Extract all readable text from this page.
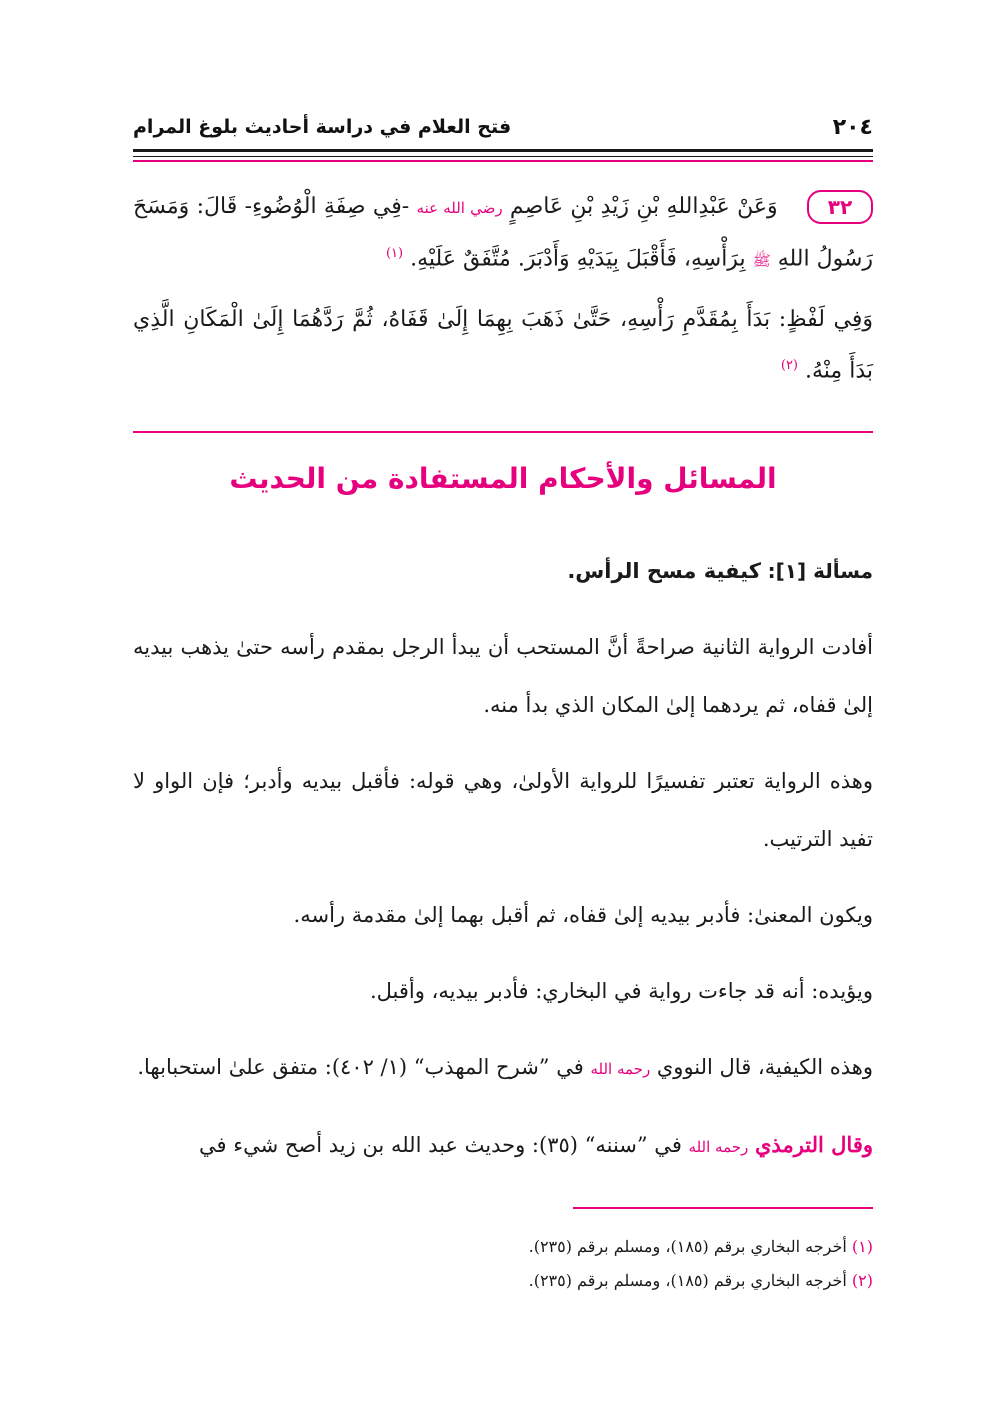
٢٠٤
فتح العلام في دراسة أحاديث بلوغ المرام

٣٢ وَعَنْ عَبْدِاللهِ بْنِ زَيْدِ بْنِ عَاصِمٍ رضي الله عنه -فِي صِفَةِ الْوُضُوءِ- قَالَ: وَمَسَحَ رَسُولُ اللهِ ﷺ بِرَأْسِهِ، فَأَقْبَلَ بِيَدَيْهِ وَأَدْبَرَ. مُتَّفَقٌ عَلَيْهِ. $^{(١)}$

وَفِي لَفْظٍ: بَدَأَ بِمُقَدَّمِ رَأْسِهِ، حَتَّىٰ ذَهَبَ بِهِمَا إِلَىٰ قَفَاهُ، ثُمَّ رَدَّهُمَا إِلَىٰ الْمَكَانِ الَّذِي بَدَأَ مِنْهُ. $^{(٢)}$

المسائل والأحكام المستفادة من الحديث

مسألة [١]: كيفية مسح الرأس.

أفادت الرواية الثانية صراحةً أنَّ المستحب أن يبدأ الرجل بمقدم رأسه حتىٰ يذهب بيديه إلىٰ قفاه، ثم يردهما إلىٰ المكان الذي بدأ منه.

وهذه الرواية تعتبر تفسيرًا للرواية الأولىٰ، وهي قوله: فأقبل بيديه وأدبر؛ فإن الواو لا تفيد الترتيب.

ويكون المعنىٰ: فأدبر بيديه إلىٰ قفاه، ثم أقبل بهما إلىٰ مقدمة رأسه.

ويؤيده: أنه قد جاءت رواية في البخاري: فأدبر بيديه، وأقبل.

وهذه الكيفية، قال النووي رحمه الله في ”شرح المهذب“ (١/ ٤٠٢): متفق علىٰ استحبابها.

وقال الترمذي رحمه الله في ”سننه“ (٣٥): وحديث عبد الله بن زيد أصح شيء في

(١) أخرجه البخاري برقم (١٨٥)، ومسلم برقم (٢٣٥).
(٢) أخرجه البخاري برقم (١٨٥)، ومسلم برقم (٢٣٥).
